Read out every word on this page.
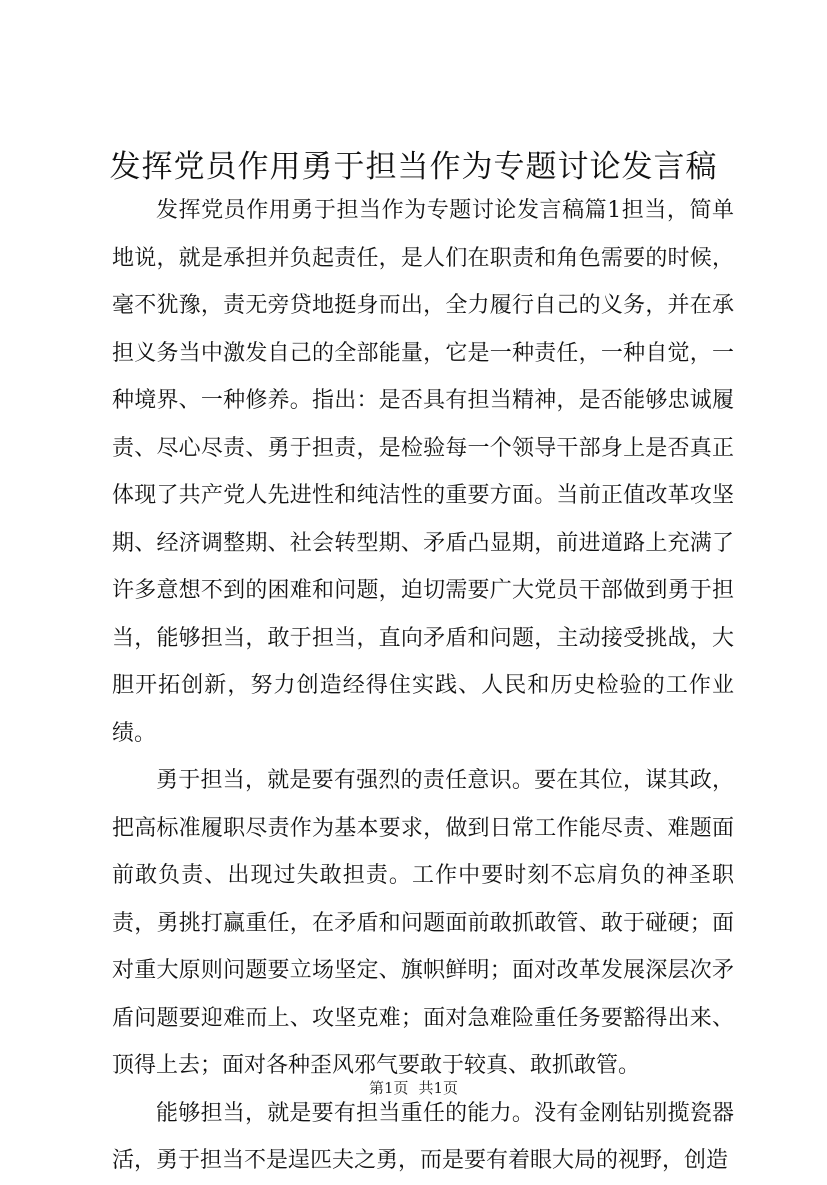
发挥党员作用勇于担当作为专题讨论发言稿

发挥党员作用勇于担当作为专题讨论发言稿篇1担当，简单地说，就是承担并负起责任，是人们在职责和角色需要的时候，毫不犹豫，责无旁贷地挺身而出，全力履行自己的义务，并在承担义务当中激发自己的全部能量，它是一种责任，一种自觉，一种境界、一种修养。指出：是否具有担当精神，是否能够忠诚履责、尽心尽责、勇于担责，是检验每一个领导干部身上是否真正体现了共产党人先进性和纯洁性的重要方面。当前正值改革攻坚期、经济调整期、社会转型期、矛盾凸显期，前进道路上充满了许多意想不到的困难和问题，迫切需要广大党员干部做到勇于担当，能够担当，敢于担当，直向矛盾和问题，主动接受挑战，大胆开拓创新，努力创造经得住实践、人民和历史检验的工作业绩。

勇于担当，就是要有强烈的责任意识。要在其位，谋其政，把高标准履职尽责作为基本要求，做到日常工作能尽责、难题面前敢负责、出现过失敢担责。工作中要时刻不忘肩负的神圣职责，勇挑打赢重任，在矛盾和问题面前敢抓敢管、敢于碰硬；面对重大原则问题要立场坚定、旗帜鲜明；面对改革发展深层次矛盾问题要迎难而上、攻坚克难；面对急难险重任务要豁得出来、顶得上去；面对各种歪风邪气要敢于较真、敢抓敢管。

能够担当，就是要有担当重任的能力。没有金刚钻别揽瓷器活，勇于担当不是逞匹夫之勇，而是要有着眼大局的视野，创造

第1页 共1页
